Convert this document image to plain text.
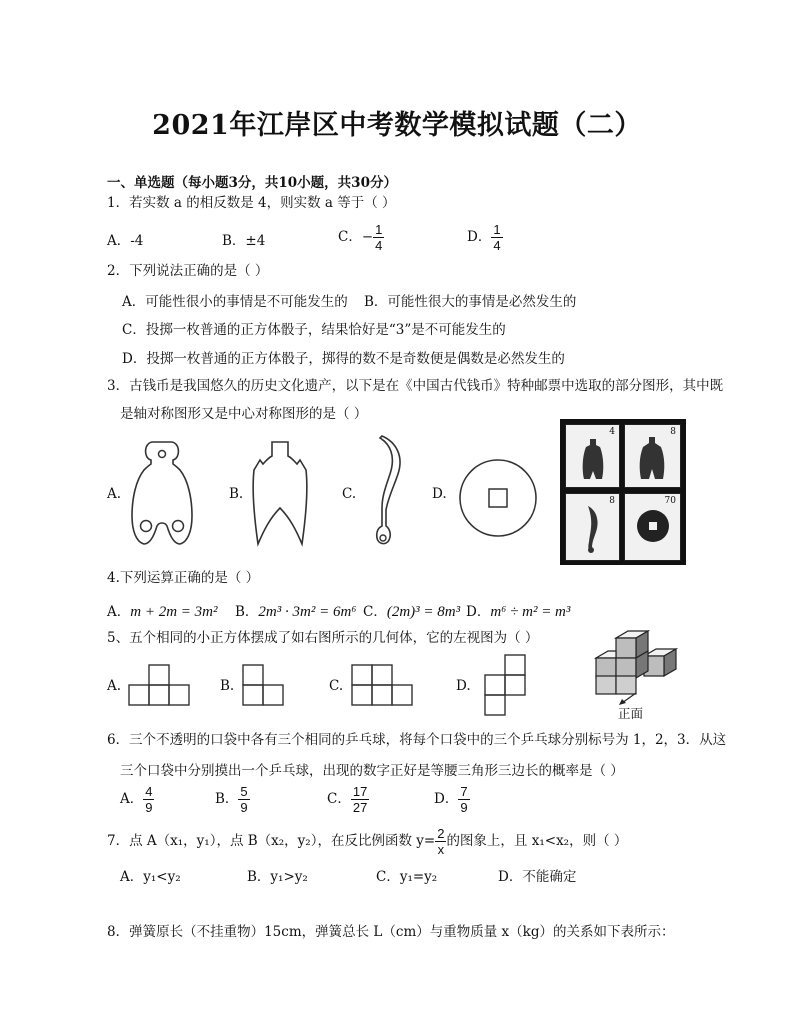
2021年江岸区中考数学模拟试题（二）
一、单选题（每小题3分，共10小题，共30分）
1．若实数 a 的相反数是 4，则实数 a 等于（ ）
A．-4	B．±4	C．− $\frac{1}{4}$	D． $\frac{1}{4}$
2．下列说法正确的是（ ）
A．可能性很小的事情是不可能发生的 B．可能性很大的事情是必然发生的
C．投掷一枚普通的正方体骰子，结果恰好是“3”是不可能发生的
D．投掷一枚普通的正方体骰子，掷得的数不是奇数便是偶数是必然发生的
3．古钱币是我国悠久的历史文化遗产，以下是在《中国古代钱币》特种邮票中选取的部分图形，其中既
是轴对称图形又是中心对称图形的是（ ）
A.	B.	C.	D.
4	8
8	70
4.下列运算正确的是（ ）
A．m + 2m = 3m² B．2m³ · 3m² = 6m⁶ C．(2m)³ = 8m³ D．m⁶ ÷ m² = m³
5、五个相同的小正方体摆成了如右图所示的几何体，它的左视图为（ ）
A.	B.	C.	D.
正面
6．三个不透明的口袋中各有三个相同的乒乓球，将每个口袋中的三个乒乓球分别标号为 1，2，3．从这
三个口袋中分别摸出一个乒乓球，出现的数字正好是等腰三角形三边长的概率是（ ）
A． $\frac{4}{9}$	B． $\frac{5}{9}$	C． $\frac{17}{27}$	D． $\frac{7}{9}$
7．点 A（x₁，y₁），点 B（x₂，y₂），在反比例函数 $y= \frac{2}{x}$ 的图象上，且 x₁<x₂，则（ ）
A．y₁<y₂	B．y₁>y₂	C．y₁=y₂	D．不能确定
8．弹簧原长（不挂重物）15cm，弹簧总长 L（cm）与重物质量 x（kg）的关系如下表所示：
